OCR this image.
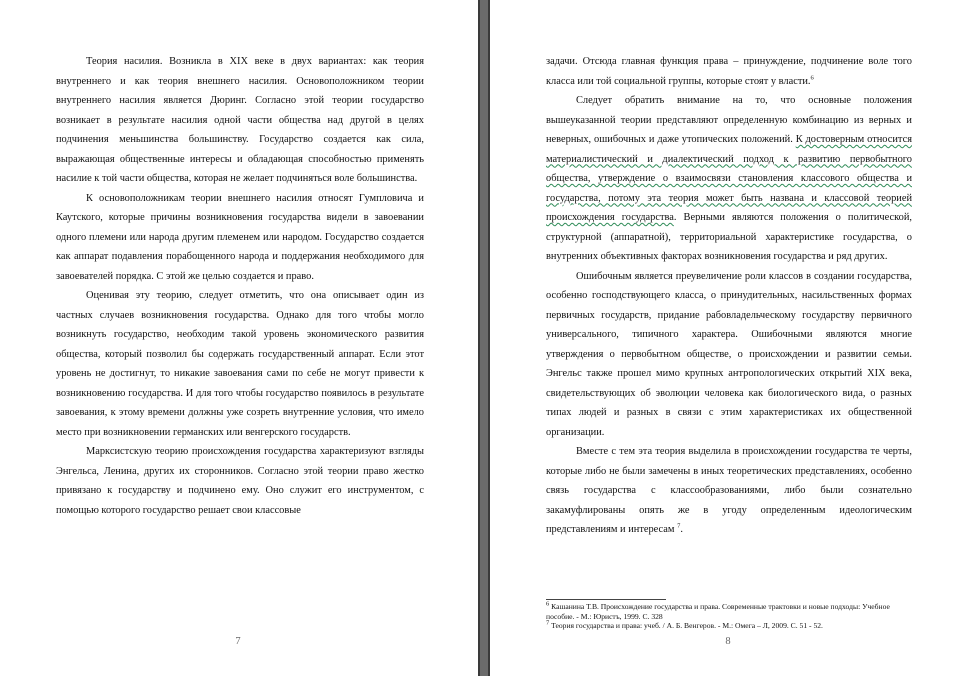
Теория насилия. Возникла в XIX веке в двух вариантах: как теория внутреннего и как теория внешнего насилия. Основоположником теории внутреннего насилия является Дюринг. Согласно этой теории государство возникает в результате насилия одной части общества над другой в целях подчинения меньшинства большинству. Государство создается как сила, выражающая общественные интересы и обладающая способностью применять насилие к той части общества, которая не желает подчиняться воле большинства.

К основоположникам теории внешнего насилия относят Гумпловича и Каутского, которые причины возникновения государства видели в завоевании одного племени или народа другим племенем или народом. Государство создается как аппарат подавления порабощенного народа и поддержания необходимого для завоевателей порядка. С этой же целью создается и право.

Оценивая эту теорию, следует отметить, что она описывает один из частных случаев возникновения государства. Однако для того чтобы могло возникнуть государство, необходим такой уровень экономического развития общества, который позволил бы содержать государственный аппарат. Если этот уровень не достигнут, то никакие завоевания сами по себе не могут привести к возникновению государства. И для того чтобы государство появилось в результате завоевания, к этому времени должны уже созреть внутренние условия, что имело место при возникновении германских или венгерского государств.

Марксистскую теорию происхождения государства характеризуют взгляды Энгельса, Ленина, других их сторонников. Согласно этой теории право жестко привязано к государству и подчинено ему. Оно служит его инструментом, с помощью которого государство решает свои классовые

7

задачи. Отсюда главная функция права – принуждение, подчинение воле того класса или той социальной группы, которые стоят у власти.$^6$

Следует обратить внимание на то, что основные положения вышеуказанной теории представляют определенную комбинацию из верных и неверных, ошибочных и даже утопических положений. К достоверным относится материалистический и диалектический подход к развитию первобытного общества, утверждение о взаимосвязи становления классового общества и государства, потому эта теория может быть названа и классовой теорией происхождения государства. Верными являются положения о политической, структурной (аппаратной), территориальной характеристике государства, о внутренних объективных факторах возникновения государства и ряд других.

Ошибочным является преувеличение роли классов в создании государства, особенно господствующего класса, о принудительных, насильственных формах первичных государств, придание рабовладельческому государству первичного универсального, типичного характера. Ошибочными являются многие утверждения о первобытном обществе, о происхождении и развитии семьи. Энгельс также прошел мимо крупных антропологических открытий XIX века, свидетельствующих об эволюции человека как биологического вида, о разных типах людей и разных в связи с этим характеристиках их общественной организации.

Вместе с тем эта теория выделила в происхождении государства те черты, которые либо не были замечены в иных теоретических представлениях, особенно связь государства с классообразованиями, либо были сознательно закамуфлированы опять же в угоду определенным идеологическим представлениям и интересам $^7$.

$^6$ Кашанина Т.В. Происхождение государства и права. Современные трактовки и новые подходы: Учебное пособие. - М.: Юристъ, 1999. С. 328
$^7$ Теория государства и права: учеб. / А. Б. Венгеров. - М.: Омега – Л, 2009. С. 51 - 52.
8
